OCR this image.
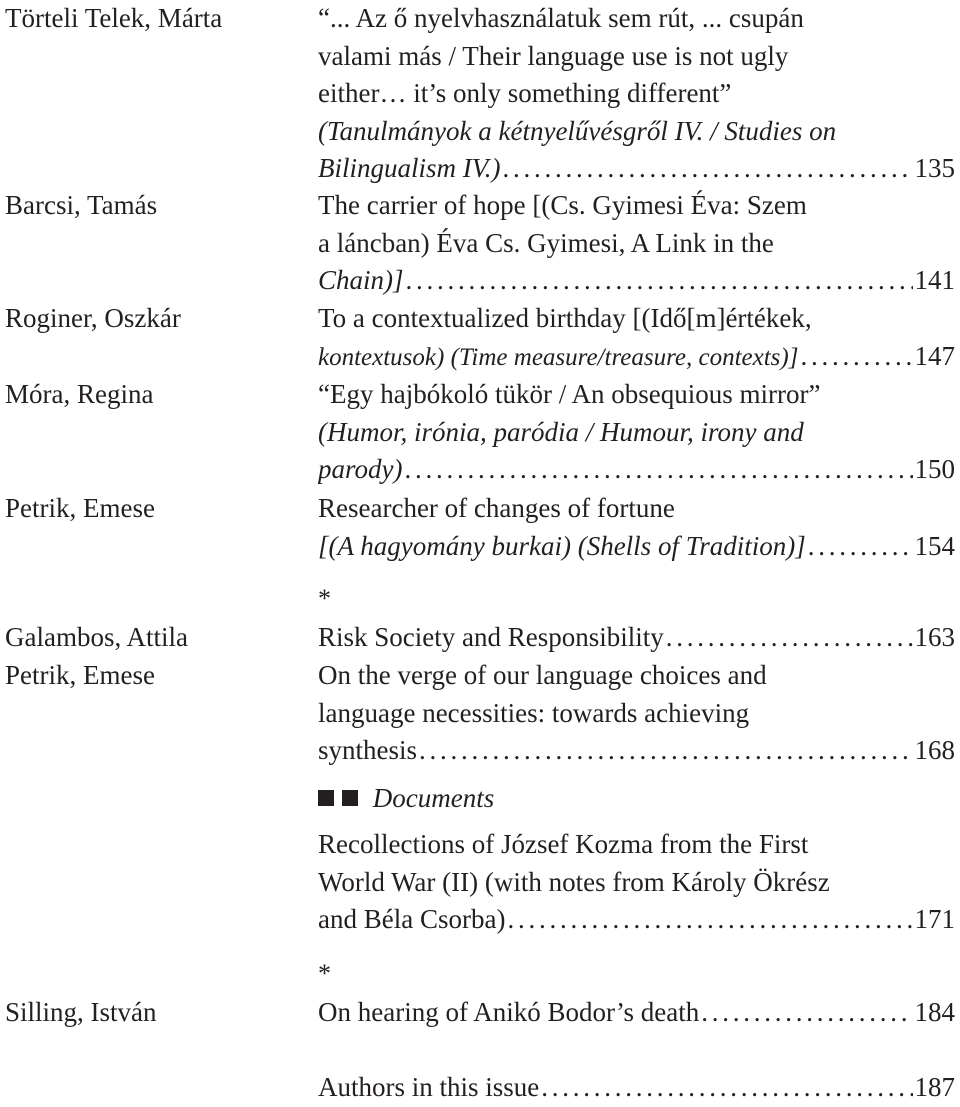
Törteli Telek, Márta	“... Az ő nyelvhasználatuk sem rút, ... csupán
valami más / Their language use is not ugly
either… it’s only something different”
(Tanulmányok a kétnyelűvésgről IV. / Studies on
Bilingualism IV.) . . .	135
Barcsi, Tamás	The carrier of hope [(Cs. Gyimesi Éva: Szem
a láncban) Éva Cs. Gyimesi, A Link in the
Chain)] . . .	141
Roginer, Oszkár	To a contextualized birthday [(Idő[m]értékek,
kontextusok) (Time measure/treasure, contexts)] . . .	147
Móra, Regina	“Egy hajbókoló tükör / An obsequious mirror”
(Humor, irónia, paródia / Humour, irony and
parody) . . .	150
Petrik, Emese	Researcher of changes of fortune
[(A hagyomány burkai) (Shells of Tradition)] . . .	154
*
Galambos, Attila	Risk Society and Responsibility . . .	163
Petrik, Emese	On the verge of our language choices and
language necessities: towards achieving
synthesis . . .	168
Documents
Recollections of József Kozma from the First
World War (II) (with notes from Károly Ökrész
and Béla Csorba) . . .	171
*
Silling, István	On hearing of Anikó Bodor’s death . . .	184
Authors in this issue . . .	187
